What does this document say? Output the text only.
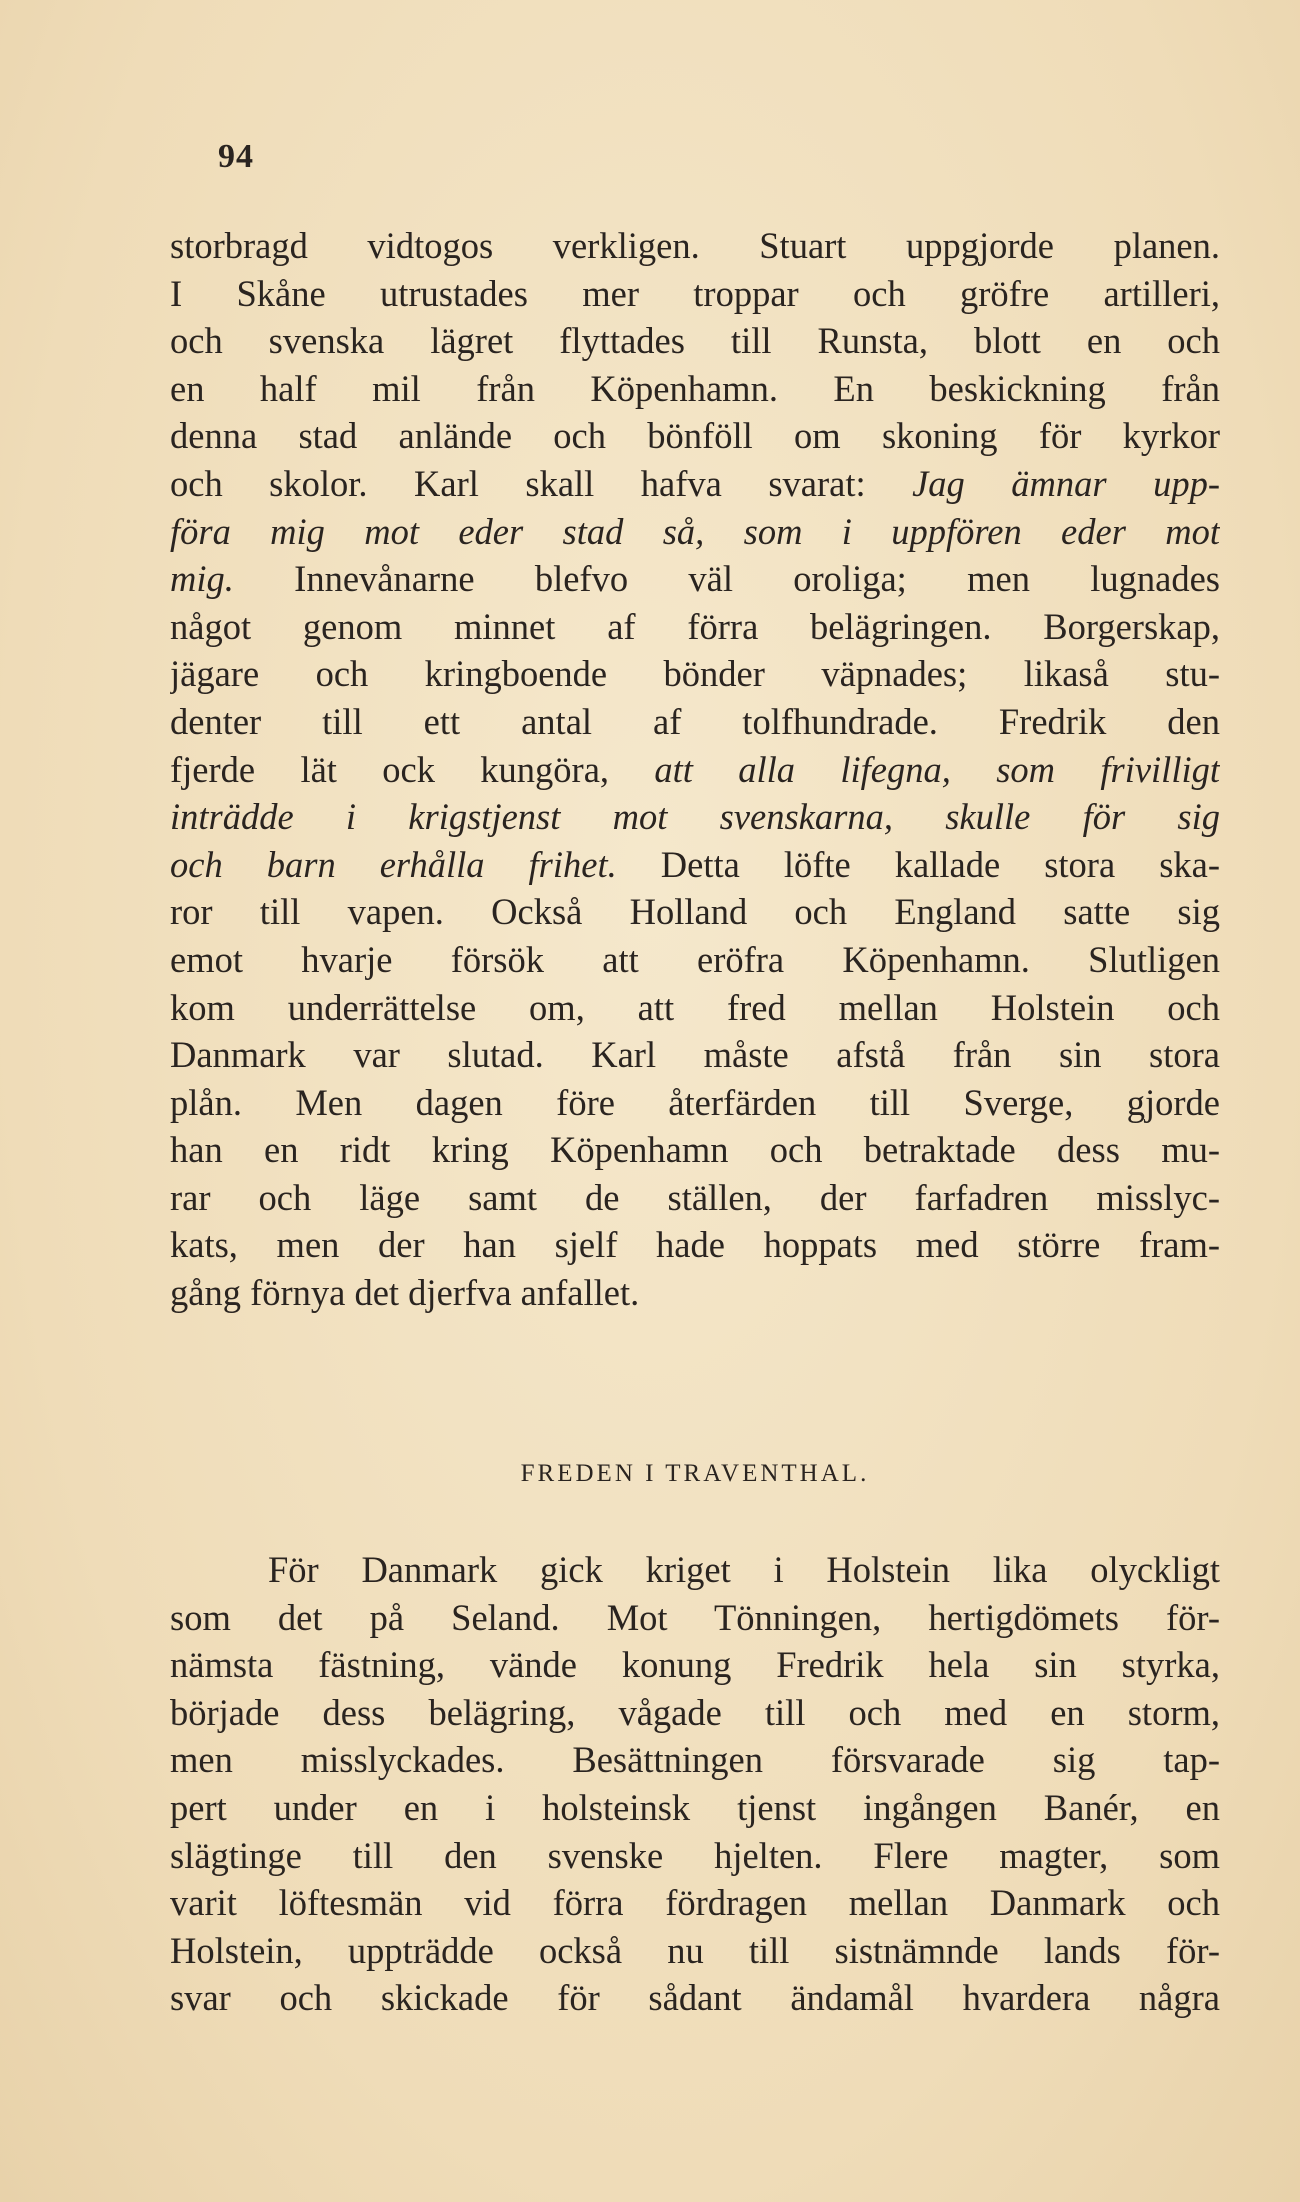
94
storbragd vidtogos verkligen. Stuart uppgjorde planen.
I Skåne utrustades mer troppar och gröfre artilleri,
och svenska lägret flyttades till Runsta, blott en och
en half mil från Köpenhamn. En beskickning från
denna stad anlände och bönföll om skoning för kyrkor
och skolor. Karl skall hafva svarat: Jag ämnar upp-
föra mig mot eder stad så, som i uppfören eder mot
mig. Innevånarne blefvo väl oroliga; men lugnades
något genom minnet af förra belägringen. Borgerskap,
jägare och kringboende bönder väpnades; likaså stu-
denter till ett antal af tolfhundrade. Fredrik den
fjerde lät ock kungöra, att alla lifegna, som frivilligt
inträdde i krigstjenst mot svenskarna, skulle för sig
och barn erhålla frihet. Detta löfte kallade stora ska-
ror till vapen. Också Holland och England satte sig
emot hvarje försök att eröfra Köpenhamn. Slutligen
kom underrättelse om, att fred mellan Holstein och
Danmark var slutad. Karl måste afstå från sin stora
plån. Men dagen före återfärden till Sverge, gjorde
han en ridt kring Köpenhamn och betraktade dess mu-
rar och läge samt de ställen, der farfadren misslyc-
kats, men der han sjelf hade hoppats med större fram-
gång förnya det djerfva anfallet.
FREDEN I TRAVENTHAL.
För Danmark gick kriget i Holstein lika olyckligt
som det på Seland. Mot Tönningen, hertigdömets för-
nämsta fästning, vände konung Fredrik hela sin styrka,
började dess belägring, vågade till och med en storm,
men misslyckades. Besättningen försvarade sig tap-
pert under en i holsteinsk tjenst ingången Banér, en
slägtinge till den svenske hjelten. Flere magter, som
varit löftesmän vid förra fördragen mellan Danmark och
Holstein, uppträdde också nu till sistnämnde lands för-
svar och skickade för sådant ändamål hvardera några
